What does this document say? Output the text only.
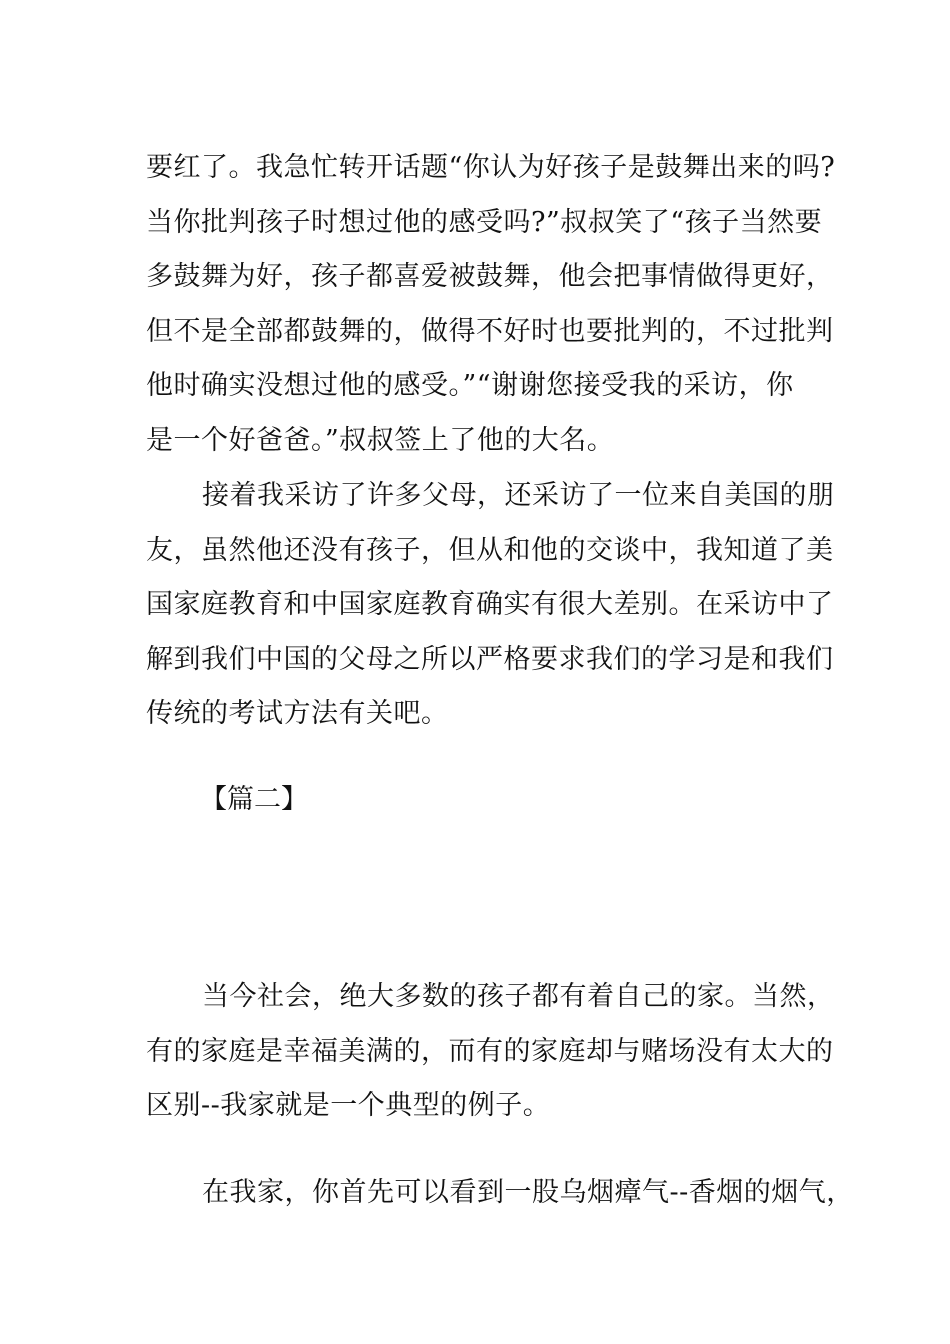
要红了。我急忙转开话题“你认为好孩子是鼓舞出来的吗?
当你批判孩子时想过他的感受吗?”叔叔笑了“孩子当然要
多鼓舞为好，孩子都喜爱被鼓舞，他会把事情做得更好，
但不是全部都鼓舞的，做得不好时也要批判的，不过批判
他时确实没想过他的感受。”“谢谢您接受我的采访，你
是一个好爸爸。”叔叔签上了他的大名。

接着我采访了许多父母，还采访了一位来自美国的朋
友，虽然他还没有孩子，但从和他的交谈中，我知道了美
国家庭教育和中国家庭教育确实有很大差别。在采访中了
解到我们中国的父母之所以严格要求我们的学习是和我们
传统的考试方法有关吧。

【篇二】

当今社会，绝大多数的孩子都有着自己的家。当然，
有的家庭是幸福美满的，而有的家庭却与赌场没有太大的
区别--我家就是一个典型的例子。

在我家，你首先可以看到一股乌烟瘴气--香烟的烟气，
